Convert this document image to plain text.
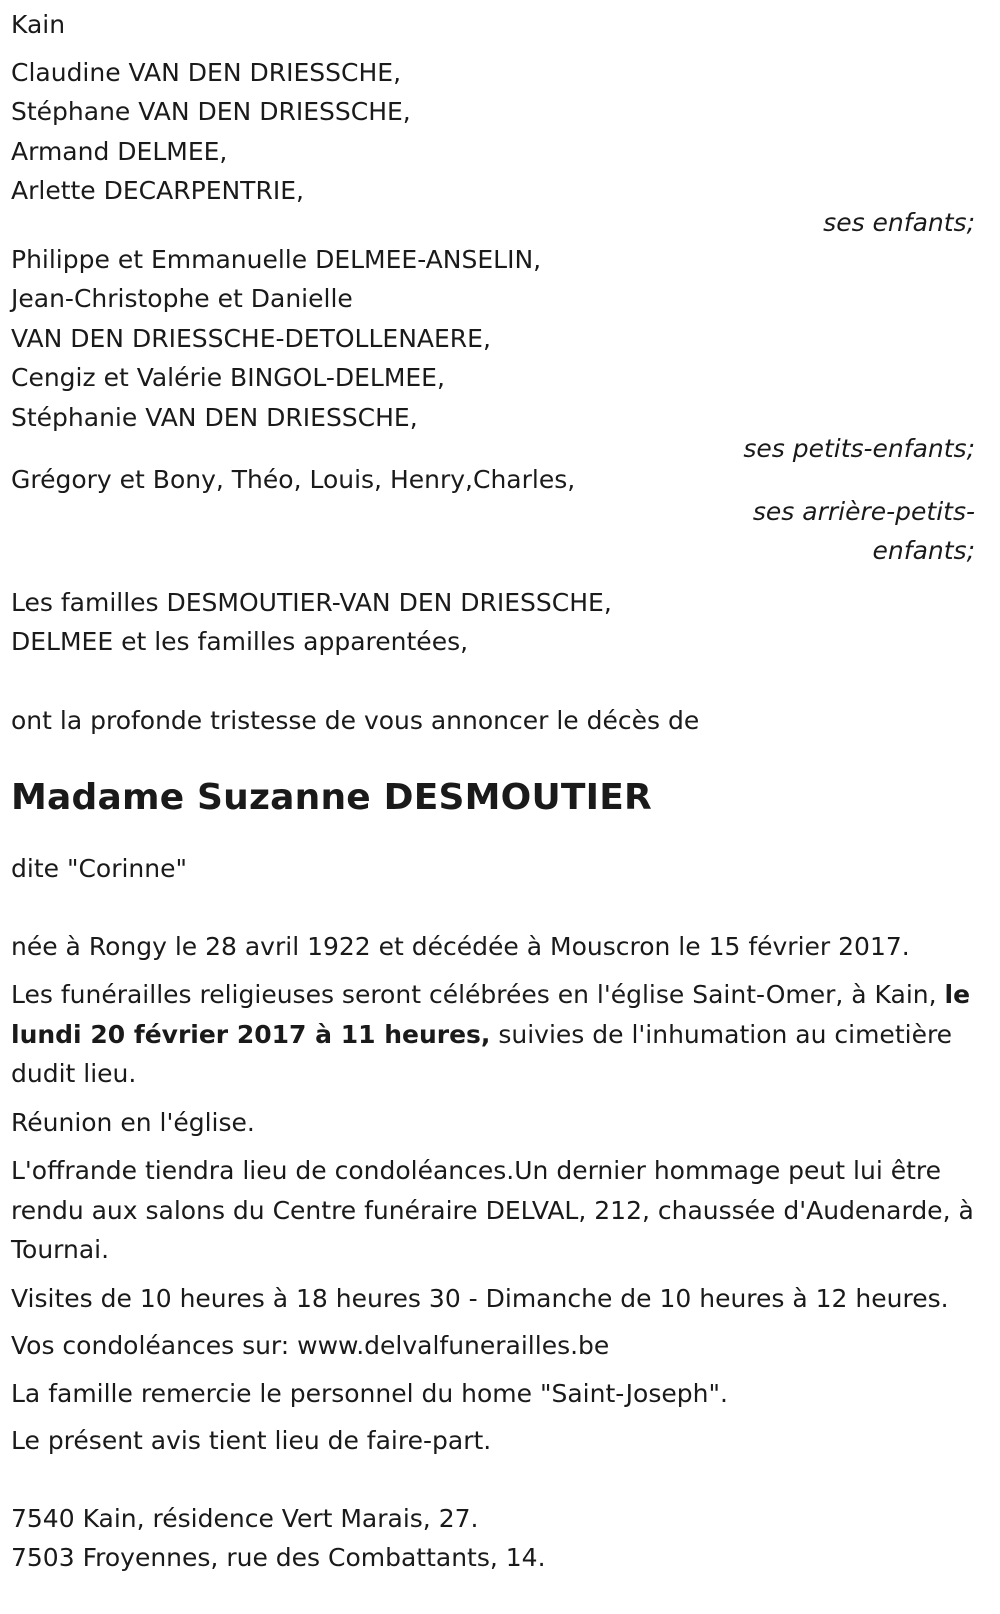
Kain
Claudine VAN DEN DRIESSCHE,
Stéphane VAN DEN DRIESSCHE,
Armand DELMEE,
Arlette DECARPENTRIE,
ses enfants;
Philippe et Emmanuelle DELMEE-ANSELIN,
Jean-Christophe et Danielle
VAN DEN DRIESSCHE-DETOLLENAERE,
Cengiz et Valérie BINGOL-DELMEE,
Stéphanie VAN DEN DRIESSCHE,
ses petits-enfants;
Grégory et Bony, Théo, Louis, Henry,Charles,
ses arrière-petits-
enfants;
Les familles DESMOUTIER-VAN DEN DRIESSCHE,
DELMEE et les familles apparentées,
ont la profonde tristesse de vous annoncer le décès de
Madame Suzanne DESMOUTIER
dite "Corinne"
née à Rongy le 28 avril 1922 et décédée à Mouscron le 15 février 2017.
Les funérailles religieuses seront célébrées en l'église Saint-Omer, à Kain, le lundi 20 février 2017 à 11 heures, suivies de l'inhumation au cimetière dudit lieu.
Réunion en l'église.
L'offrande tiendra lieu de condoléances.Un dernier hommage peut lui être rendu aux salons du Centre funéraire DELVAL, 212, chaussée d'Audenarde, à Tournai.
Visites de 10 heures à 18 heures 30 - Dimanche de 10 heures à 12 heures.
Vos condoléances sur: www.delvalfunerailles.be
La famille remercie le personnel du home "Saint-Joseph".
Le présent avis tient lieu de faire-part.
7540 Kain, résidence Vert Marais, 27.
7503 Froyennes, rue des Combattants, 14.
